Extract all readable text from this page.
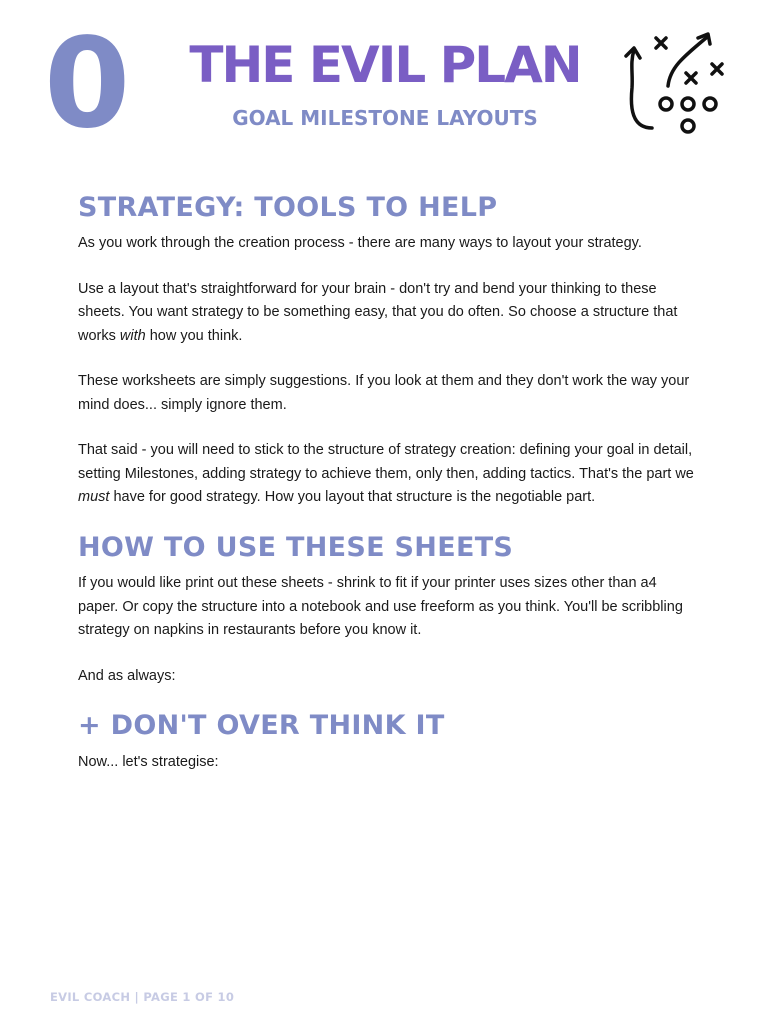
0 THE EVIL PLAN
GOAL MILESTONE LAYOUTS
STRATEGY: TOOLS TO HELP

As you work through the creation process - there are many ways to layout your strategy.

Use a layout that's straightforward for your brain - don't try and bend your thinking to these sheets. You want strategy to be something easy, that you do often. So choose a structure that works with how you think.

These worksheets are simply suggestions. If you look at them and they don't work the way your mind does... simply ignore them.

That said - you will need to stick to the structure of strategy creation: defining your goal in detail, setting Milestones, adding strategy to achieve them, only then, adding tactics. That's the part we must have for good strategy. How you layout that structure is the negotiable part.

HOW TO USE THESE SHEETS

If you would like print out these sheets - shrink to fit if your printer uses sizes other than a4 paper. Or copy the structure into a notebook and use freeform as you think. You'll be scribbling strategy on napkins in restaurants before you know it.

And as always:

+ DON'T OVER THINK IT

Now... let's strategise:

EVIL COACH | PAGE 1 OF 10
